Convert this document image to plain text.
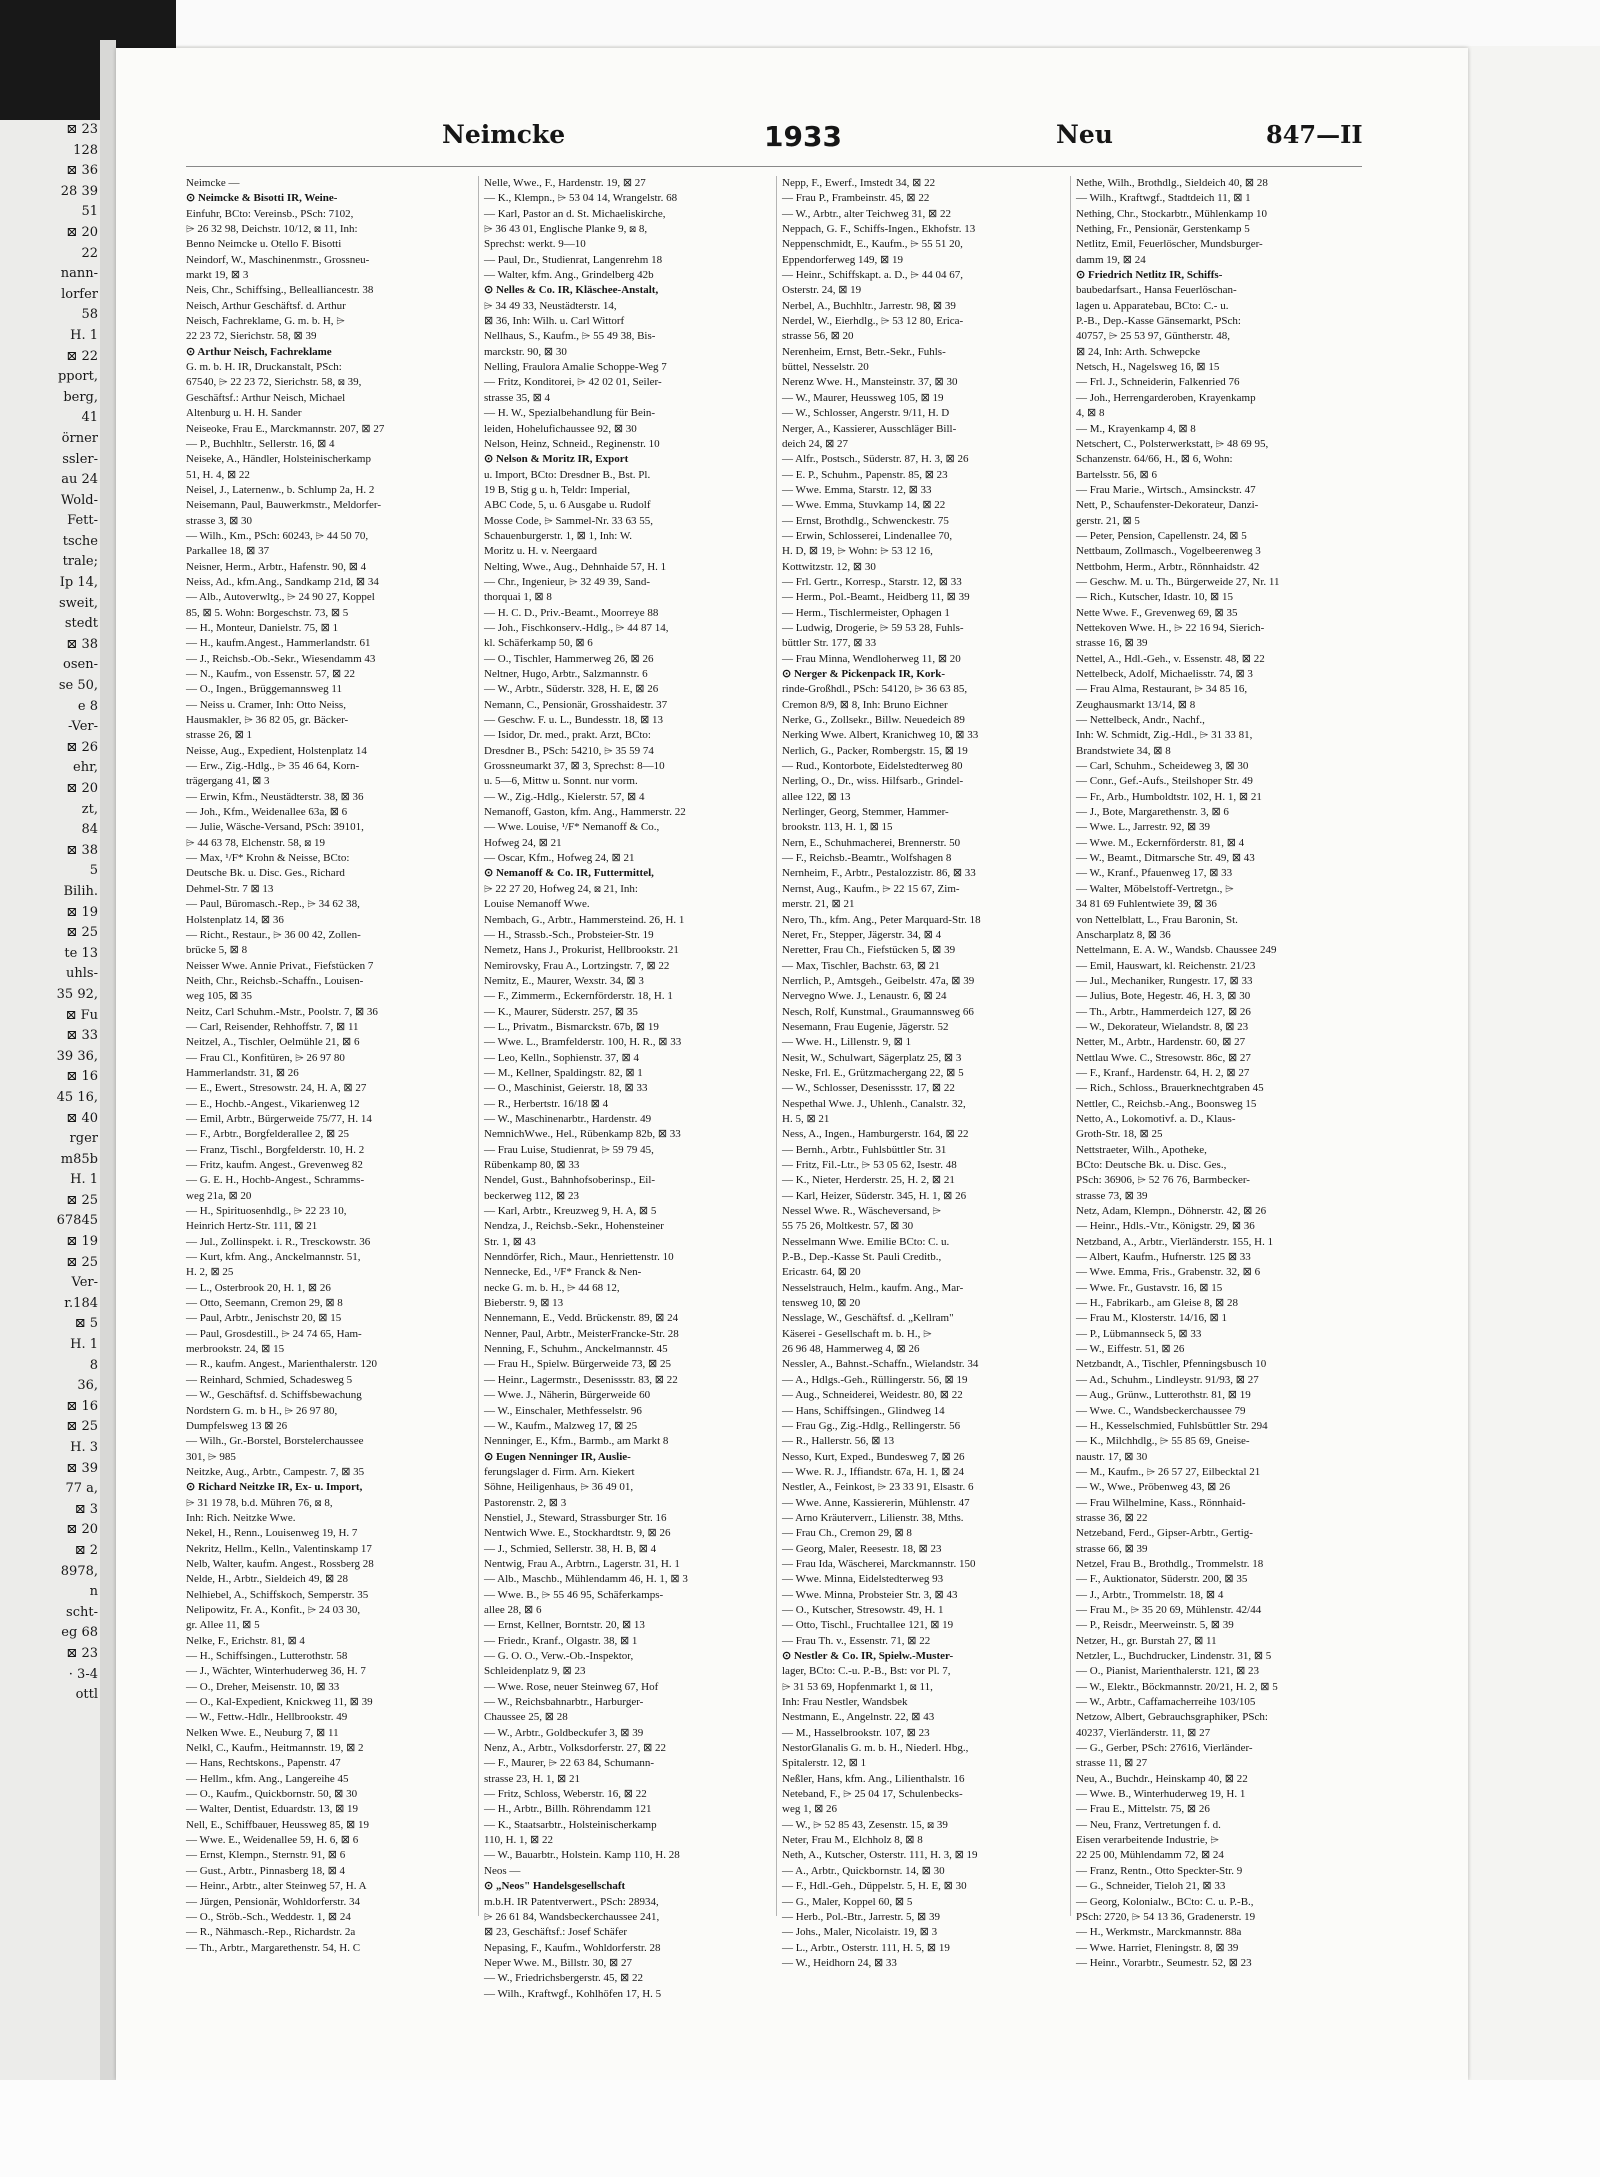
⊠ 23
128
⊠ 36
28 39
51
⊠ 20
22
nann-
lorfer
58
H. 1
⊠ 22
pport,
berg,
41
örner
ssler-
au 24
Wold-
Fett-
tsche
trale;
Ip 14,
sweit,
stedt
⊠ 38
osen-
se 50,
e 8
-Ver-
⊠ 26
ehr,
⊠ 20
zt,
84
⊠ 38
5
Bilih.
⊠ 19
⊠ 25
te 13
uhls-
35 92,
⊠ Fu
⊠ 33
39 36,
⊠ 16
45 16,
⊠ 40
rger
m85b
H. 1
⊠ 25
67845
⊠ 19
⊠ 25
Ver-
r.184
⊠ 5
H. 1
8
36,
⊠ 16
⊠ 25
H. 3
⊠ 39
77 a,
⊠ 3
⊠ 20
⊠ 2
8978,
n
scht-
eg 68
⊠ 23
· 3-4
ottl
Neimcke	1933	Neu	847—II
Neimcke —
⊙ Neimcke & Bisotti IR, Weine-
Einfuhr, BCto: Vereinsb., PSch: 7102,
⌲ 26 32 98, Deichstr. 10/12, ⊠ 11, Inh:
Benno Neimcke u. Otello F. Bisotti
Neindorf, W., Maschinenmstr., Grossneu-
markt 19, ⊠ 3
Neis, Chr., Schiffsing., Bellealliancestr. 38
Neisch, Arthur Geschäftsf. d. Arthur
Neisch, Fachreklame, G. m. b. H, ⌲
22 23 72, Sierichstr. 58, ⊠ 39
⊙ Arthur Neisch, Fachreklame
G. m. b. H. IR, Druckanstalt, PSch:
67540, ⌲ 22 23 72, Sierichstr. 58, ⊠ 39,
Geschäftsf.: Arthur Neisch, Michael
Altenburg u. H. H. Sander
Neiseoke, Frau E., Marckmannstr. 207, ⊠ 27
— P., Buchhltr., Sellerstr. 16, ⊠ 4
Neiseke, A., Händler, Holsteinischerkamp
51, H. 4, ⊠ 22
Neisel, J., Laternenw., b. Schlump 2a, H. 2
Neisemann, Paul, Bauwerkmstr., Meldorfer-
strasse 3, ⊠ 30
— Wilh., Km., PSch: 60243, ⌲ 44 50 70,
Parkallee 18, ⊠ 37
Neisner, Herm., Arbtr., Hafenstr. 90, ⊠ 4
Neiss, Ad., kfm.Ang., Sandkamp 21d, ⊠ 34
— Alb., Autoverwltg., ⌲ 24 90 27, Koppel
85, ⊠ 5. Wohn: Borgeschstr. 73, ⊠ 5
— H., Monteur, Danielstr. 75, ⊠ 1
— H., kaufm.Angest., Hammerlandstr. 61
— J., Reichsb.-Ob.-Sekr., Wiesendamm 43
— N., Kaufm., von Essenstr. 57, ⊠ 22
— O., Ingen., Brüggemannsweg 11
— Neiss u. Cramer, Inh: Otto Neiss,
Hausmakler, ⌲ 36 82 05, gr. Bäcker-
strasse 26, ⊠ 1
Neisse, Aug., Expedient, Holstenplatz 14
— Erw., Zig.-Hdlg., ⌲ 35 46 64, Korn-
trägergang 41, ⊠ 3
— Erwin, Kfm., Neustädterstr. 38, ⊠ 36
— Joh., Kfm., Weidenallee 63a, ⊠ 6
— Julie, Wäsche-Versand, PSch: 39101,
⌲ 44 63 78, Elchenstr. 58, ⊠ 19
— Max, ¹/F* Krohn & Neisse, BCto:
Deutsche Bk. u. Disc. Ges., Richard
Dehmel-Str. 7 ⊠ 13
— Paul, Büromasch.-Rep., ⌲ 34 62 38,
Holstenplatz 14, ⊠ 36
— Richt., Restaur., ⌲ 36 00 42, Zollen-
brücke 5, ⊠ 8
Neisser Wwe. Annie Privat., Fiefstücken 7
Neith, Chr., Reichsb.-Schaffn., Louisen-
weg 105, ⊠ 35
Neitz, Carl Schuhm.-Mstr., Poolstr. 7, ⊠ 36
— Carl, Reisender, Rehhoffstr. 7, ⊠ 11
Neitzel, A., Tischler, Oelmühle 21, ⊠ 6
— Frau Cl., Konfitüren, ⌲ 26 97 80
Hammerlandstr. 31, ⊠ 26
— E., Ewert., Stresowstr. 24, H. A, ⊠ 27
— E., Hochb.-Angest., Vikarienweg 12
— Emil, Arbtr., Bürgerweide 75/77, H. 14
— F., Arbtr., Borgfelderallee 2, ⊠ 25
— Franz, Tischl., Borgfelderstr. 10, H. 2
— Fritz, kaufm. Angest., Grevenweg 82
— G. E. H., Hochb-Angest., Schramms-
weg 21a, ⊠ 20
— H., Spirituosenhdlg., ⌲ 22 23 10,
Heinrich Hertz-Str. 111, ⊠ 21
— Jul., Zollinspekt. i. R., Tresckowstr. 36
— Kurt, kfm. Ang., Anckelmannstr. 51,
H. 2, ⊠ 25
— L., Osterbrook 20, H. 1, ⊠ 26
— Otto, Seemann, Cremon 29, ⊠ 8
— Paul, Arbtr., Jenischstr 20, ⊠ 15
— Paul, Grosdestill., ⌲ 24 74 65, Ham-
merbrookstr. 24, ⊠ 15
— R., kaufm. Angest., Marienthalerstr. 120
— Reinhard, Schmied, Schadesweg 5
— W., Geschäftsf. d. Schiffsbewachung
Nordstern G. m. b H., ⌲ 26 97 80,
Dumpfelsweg 13 ⊠ 26
— Wilh., Gr.-Borstel, Borstelerchaussee
301, ⌲ 985
Neitzke, Aug., Arbtr., Campestr. 7, ⊠ 35
⊙ Richard Neitzke IR, Ex- u. Import,
⌲ 31 19 78, b.d. Mühren 76, ⊠ 8,
Inh: Rich. Neitzke Wwe.
Nekel, H., Renn., Louisenweg 19, H. 7
Nekritz, Hellm., Kelln., Valentinskamp 17
Nelb, Walter, kaufm. Angest., Rossberg 28
Nelde, H., Arbtr., Sieldeich 49, ⊠ 28
Nelhiebel, A., Schiffskoch, Semperstr. 35
Nelipowitz, Fr. A., Konfit., ⌲ 24 03 30,
gr. Allee 11, ⊠ 5
Nelke, F., Erichstr. 81, ⊠ 4
— H., Schiffsingen., Lutterothstr. 58
— J., Wächter, Winterhuderweg 36, H. 7
— O., Dreher, Meisenstr. 10, ⊠ 33
— O., Kal-Expedient, Knickweg 11, ⊠ 39
— W., Fettw.-Hdlr., Hellbrookstr. 49
Nelken Wwe. E., Neuburg 7, ⊠ 11
Nelkl, C., Kaufm., Heitmannstr. 19, ⊠ 2
— Hans, Rechtskons., Papenstr. 47
— Hellm., kfm. Ang., Langereihe 45
— O., Kaufm., Quickbornstr. 50, ⊠ 30
— Walter, Dentist, Eduardstr. 13, ⊠ 19
Nell, E., Schiffbauer, Heussweg 85, ⊠ 19
— Wwe. E., Weidenallee 59, H. 6, ⊠ 6
— Ernst, Klempn., Sternstr. 91, ⊠ 6
— Gust., Arbtr., Pinnasberg 18, ⊠ 4
— Heinr., Arbtr., alter Steinweg 57, H. A
— Jürgen, Pensionär, Wohldorferstr. 34
— O., Ströb.-Sch., Weddestr. 1, ⊠ 24
— R., Nähmasch.-Rep., Richardstr. 2a
— Th., Arbtr., Margarethenstr. 54, H. C
Nelle, Wwe., F., Hardenstr. 19, ⊠ 27
— K., Klempn., ⌲ 53 04 14, Wrangelstr. 68
— Karl, Pastor an d. St. Michaeliskirche,
⌲ 36 43 01, Englische Planke 9, ⊠ 8,
Sprechst: werkt. 9—10
— Paul, Dr., Studienrat, Langenrehm 18
— Walter, kfm. Ang., Grindelberg 42b
⊙ Nelles & Co. IR, Kläschee-Anstalt,
⌲ 34 49 33, Neustädterstr. 14,
⊠ 36, Inh: Wilh. u. Carl Wittorf
Nellhaus, S., Kaufm., ⌲ 55 49 38, Bis-
marckstr. 90, ⊠ 30
Nelling, Fraulora Amalie Schoppe-Weg 7
— Fritz, Konditorei, ⌲ 42 02 01, Seiler-
strasse 35, ⊠ 4
— H. W., Spezialbehandlung für Bein-
leiden, Hohelufichaussee 92, ⊠ 30
Nelson, Heinz, Schneid., Reginenstr. 10
⊙ Nelson & Moritz IR, Export
u. Import, BCto: Dresdner B., Bst. Pl.
19 B, Stig g u. h, Teldr: Imperial,
ABC Code, 5, u. 6 Ausgabe u. Rudolf
Mosse Code, ⌲ Sammel-Nr. 33 63 55,
Schauenburgerstr. 1, ⊠ 1, Inh: W.
Moritz u. H. v. Neergaard
Nelting, Wwe., Aug., Dehnhaide 57, H. 1
— Chr., Ingenieur, ⌲ 32 49 39, Sand-
thorquai 1, ⊠ 8
— H. C. D., Priv.-Beamt., Moorreye 88
— Joh., Fischkonserv.-Hdlg., ⌲ 44 87 14,
kl. Schäferkamp 50, ⊠ 6
— O., Tischler, Hammerweg 26, ⊠ 26
Neltner, Hugo, Arbtr., Salzmannstr. 6
— W., Arbtr., Süderstr. 328, H. E, ⊠ 26
Nemann, C., Pensionär, Grosshaidestr. 37
— Geschw. F. u. L., Bundesstr. 18, ⊠ 13
— Isidor, Dr. med., prakt. Arzt, BCto:
Dresdner B., PSch: 54210, ⌲ 35 59 74
Grossneumarkt 37, ⊠ 3, Sprechst: 8—10
u. 5—6, Mittw u. Sonnt. nur vorm.
— W., Zig.-Hdlg., Kielerstr. 57, ⊠ 4
Nemanoff, Gaston, kfm. Ang., Hammerstr. 22
— Wwe. Louise, ¹/F* Nemanoff & Co.,
Hofweg 24, ⊠ 21
— Oscar, Kfm., Hofweg 24, ⊠ 21
⊙ Nemanoff & Co. IR, Futtermittel,
⌲ 22 27 20, Hofweg 24, ⊠ 21, Inh:
Louise Nemanoff Wwe.
Nembach, G., Arbtr., Hammersteind. 26, H. 1
— H., Strassb.-Sch., Probsteier-Str. 19
Nemetz, Hans J., Prokurist, Hellbrookstr. 21
Nemirovsky, Frau A., Lortzingstr. 7, ⊠ 22
Nemitz, E., Maurer, Wexstr. 34, ⊠ 3
— F., Zimmerm., Eckernförderstr. 18, H. 1
— K., Maurer, Süderstr. 257, ⊠ 35
— L., Privatm., Bismarckstr. 67b, ⊠ 19
— Wwe. L., Bramfelderstr. 100, H. R., ⊠ 33
— Leo, Kelln., Sophienstr. 37, ⊠ 4
— M., Kellner, Spaldingstr. 82, ⊠ 1
— O., Maschinist, Geierstr. 18, ⊠ 33
— R., Herbertstr. 16/18 ⊠ 4
— W., Maschinenarbtr., Hardenstr. 49
NemnichWwe., Hel., Rübenkamp 82b, ⊠ 33
— Frau Luise, Studienrat, ⌲ 59 79 45,
Rübenkamp 80, ⊠ 33
Nendel, Gust., Bahnhofsoberinsp., Eil-
beckerweg 112, ⊠ 23
— Karl, Arbtr., Kreuzweg 9, H. A, ⊠ 5
Nendza, J., Reichsb.-Sekr., Hohensteiner
Str. 1, ⊠ 43
Nenndörfer, Rich., Maur., Henriettenstr. 10
Nennecke, Ed., ¹/F* Franck & Nen-
necke G. m. b. H., ⌲ 44 68 12,
Bieberstr. 9, ⊠ 13
Nennemann, E., Vedd. Brückenstr. 89, ⊠ 24
Nenner, Paul, Arbtr., MeisterFrancke-Str. 28
Nenning, F., Schuhm., Anckelmannstr. 45
— Frau H., Spielw. Bürgerweide 73, ⊠ 25
— Heinr., Lagermstr., Desenissstr. 83, ⊠ 22
— Wwe. J., Näherin, Bürgerweide 60
— W., Einschaler, Methfesselstr. 96
— W., Kaufm., Malzweg 17, ⊠ 25
Nenninger, E., Kfm., Barmb., am Markt 8
⊙ Eugen Nenninger IR, Auslie-
ferungslager d. Firm. Arn. Kiekert
Söhne, Heiligenhaus, ⌲ 36 49 01,
Pastorenstr. 2, ⊠ 3
Nenstiel, J., Steward, Strassburger Str. 16
Nentwich Wwe. E., Stockhardtstr. 9, ⊠ 26
— J., Schmied, Sellerstr. 38, H. B, ⊠ 4
Nentwig, Frau A., Arbtrn., Lagerstr. 31, H. 1
— Alb., Maschb., Mühlendamm 46, H. 1, ⊠ 3
— Wwe. B., ⌲ 55 46 95, Schäferkamps-
allee 28, ⊠ 6
— Ernst, Kellner, Borntstr. 20, ⊠ 13
— Friedr., Kranf., Olgastr. 38, ⊠ 1
— G. O. O., Verw.-Ob.-Inspektor,
Schleidenplatz 9, ⊠ 23
— Wwe. Rose, neuer Steinweg 67, Hof
— W., Reichsbahnarbtr., Harburger-
Chaussee 25, ⊠ 28
— W., Arbtr., Goldbeckufer 3, ⊠ 39
Nenz, A., Arbtr., Volksdorferstr. 27, ⊠ 22
— F., Maurer, ⌲ 22 63 84, Schumann-
strasse 23, H. 1, ⊠ 21
— Fritz, Schloss, Weberstr. 16, ⊠ 22
— H., Arbtr., Billh. Röhrendamm 121
— K., Staatsarbtr., Holsteinischerkamp
110, H. 1, ⊠ 22
— W., Bauarbtr., Holstein. Kamp 110, H. 28
Neos —
⊙ „Neos" Handelsgesellschaft
m.b.H. IR Patentverwert., PSch: 28934,
⌲ 26 61 84, Wandsbeckerchaussee 241,
⊠ 23, Geschäftsf.: Josef Schäfer
Nepasing, F., Kaufm., Wohldorferstr. 28
Neper Wwe. M., Billstr. 30, ⊠ 27
— W., Friedrichsbergerstr. 45, ⊠ 22
— Wilh., Kraftwgf., Kohlhöfen 17, H. 5
Nepp, F., Ewerf., Imstedt 34, ⊠ 22
— Frau P., Frambeinstr. 45, ⊠ 22
— W., Arbtr., alter Teichweg 31, ⊠ 22
Neppach, G. F., Schiffs-Ingen., Ekhofstr. 13
Neppenschmidt, E., Kaufm., ⌲ 55 51 20,
Eppendorferweg 149, ⊠ 19
— Heinr., Schiffskapt. a. D., ⌲ 44 04 67,
Osterstr. 24, ⊠ 19
Nerbel, A., Buchhltr., Jarrestr. 98, ⊠ 39
Nerdel, W., Eierhdlg., ⌲ 53 12 80, Erica-
strasse 56, ⊠ 20
Nerenheim, Ernst, Betr.-Sekr., Fuhls-
büttel, Nesselstr. 20
Nerenz Wwe. H., Mansteinstr. 37, ⊠ 30
— W., Maurer, Heussweg 105, ⊠ 19
— W., Schlosser, Angerstr. 9/11, H. D
Nerger, A., Kassierer, Ausschläger Bill-
deich 24, ⊠ 27
— Alfr., Postsch., Süderstr. 87, H. 3, ⊠ 26
— E. P., Schuhm., Papenstr. 85, ⊠ 23
— Wwe. Emma, Starstr. 12, ⊠ 33
— Wwe. Emma, Stuvkamp 14, ⊠ 22
— Ernst, Brothdlg., Schwenckestr. 75
— Erwin, Schlosserei, Lindenallee 70,
H. D, ⊠ 19, ⌲ Wohn: ⌲ 53 12 16,
Kottwitzstr. 12, ⊠ 30
— Frl. Gertr., Korresp., Starstr. 12, ⊠ 33
— Herm., Pol.-Beamt., Heidberg 11, ⊠ 39
— Herm., Tischlermeister, Ophagen 1
— Ludwig, Drogerie, ⌲ 59 53 28, Fuhls-
büttler Str. 177, ⊠ 33
— Frau Minna, Wendloherweg 11, ⊠ 20
⊙ Nerger & Pickenpack IR, Kork-
rinde-Großhdl., PSch: 54120, ⌲ 36 63 85,
Cremon 8/9, ⊠ 8, Inh: Bruno Eichner
Nerke, G., Zollsekr., Billw. Neuedeich 89
Nerking Wwe. Albert, Kranichweg 10, ⊠ 33
Nerlich, G., Packer, Rombergstr. 15, ⊠ 19
— Rud., Kontorbote, Eidelstedterweg 80
Nerling, O., Dr., wiss. Hilfsarb., Grindel-
allee 122, ⊠ 13
Nerlinger, Georg, Stemmer, Hammer-
brookstr. 113, H. 1, ⊠ 15
Nern, E., Schuhmacherei, Brennerstr. 50
— F., Reichsb.-Beamtr., Wolfshagen 8
Nernheim, F., Arbtr., Pestalozzistr. 86, ⊠ 33
Nernst, Aug., Kaufm., ⌲ 22 15 67, Zim-
merstr. 21, ⊠ 21
Nero, Th., kfm. Ang., Peter Marquard-Str. 18
Neret, Fr., Stepper, Jägerstr. 34, ⊠ 4
Neretter, Frau Ch., Fiefstücken 5, ⊠ 39
— Max, Tischler, Bachstr. 63, ⊠ 21
Nerrlich, P., Amtsgeh., Geibelstr. 47a, ⊠ 39
Nervegno Wwe. J., Lenaustr. 6, ⊠ 24
Nesch, Rolf, Kunstmal., Graumannsweg 66
Nesemann, Frau Eugenie, Jägerstr. 52
— Wwe. H., Lillenstr. 9, ⊠ 1
Nesit, W., Schulwart, Sägerplatz 25, ⊠ 3
Neske, Frl. E., Grützmachergang 22, ⊠ 5
— W., Schlosser, Desenissstr. 17, ⊠ 22
Nespethal Wwe. J., Uhlenh., Canalstr. 32,
H. 5, ⊠ 21
Ness, A., Ingen., Hamburgerstr. 164, ⊠ 22
— Bernh., Arbtr., Fuhlsbüttler Str. 31
— Fritz, Fil.-Ltr., ⌲ 53 05 62, Isestr. 48
— K., Nieter, Herderstr. 25, H. 2, ⊠ 21
— Karl, Heizer, Süderstr. 345, H. 1, ⊠ 26
Nessel Wwe. R., Wäscheversand, ⌲
55 75 26, Moltkestr. 57, ⊠ 30
Nesselmann Wwe. Emilie BCto: C. u.
P.-B., Dep.-Kasse St. Pauli Creditb.,
Ericastr. 64, ⊠ 20
Nesselstrauch, Helm., kaufm. Ang., Mar-
tensweg 10, ⊠ 20
Nesslage, W., Geschäftsf. d. „Kellram"
Käserei - Gesellschaft m. b. H., ⌲
26 96 48, Hammerweg 4, ⊠ 26
Nessler, A., Bahnst.-Schaffn., Wielandstr. 34
— A., Hdlgs.-Geh., Rüllingerstr. 56, ⊠ 19
— Aug., Schneiderei, Weidestr. 80, ⊠ 22
— Hans, Schiffsingen., Glindweg 14
— Frau Gg., Zig.-Hdlg., Rellingerstr. 56
— R., Hallerstr. 56, ⊠ 13
Nesso, Kurt, Exped., Bundesweg 7, ⊠ 26
— Wwe. R. J., Iffiandstr. 67a, H. 1, ⊠ 24
Nestler, A., Feinkost, ⌲ 23 33 91, Elsastr. 6
— Wwe. Anne, Kassiererin, Mühlenstr. 47
— Arno Kräuterverr., Lilienstr. 38, Mths.
— Frau Ch., Cremon 29, ⊠ 8
— Georg, Maler, Reesestr. 18, ⊠ 23
— Frau Ida, Wäscherei, Marckmannstr. 150
— Wwe. Minna, Eidelstedterweg 93
— Wwe. Minna, Probsteier Str. 3, ⊠ 43
— O., Kutscher, Stresowstr. 49, H. 1
— Otto, Tischl., Fruchtallee 121, ⊠ 19
— Frau Th. v., Essenstr. 71, ⊠ 22
⊙ Nestler & Co. IR, Spielw.-Muster-
lager, BCto: C.-u. P.-B., Bst: vor Pl. 7,
⌲ 31 53 69, Hopfenmarkt 1, ⊠ 11,
Inh: Frau Nestler, Wandsbek
Nestmann, E., Angelnstr. 22, ⊠ 43
— M., Hasselbrookstr. 107, ⊠ 23
NestorGlanalis G. m. b. H., Niederl. Hbg.,
Spitalerstr. 12, ⊠ 1
Neßler, Hans, kfm. Ang., Lilienthalstr. 16
Neteband, F., ⌲ 25 04 17, Schulenbecks-
weg 1, ⊠ 26
— W., ⌲ 52 85 43, Zesenstr. 15, ⊠ 39
Neter, Frau M., Elchholz 8, ⊠ 8
Neth, A., Kutscher, Osterstr. 111, H. 3, ⊠ 19
— A., Arbtr., Quickbornstr. 14, ⊠ 30
— F., Hdl.-Geh., Düppelstr. 5, H. E, ⊠ 30
— G., Maler, Koppel 60, ⊠ 5
— Herb., Pol.-Btr., Jarrestr. 5, ⊠ 39
— Johs., Maler, Nicolaistr. 19, ⊠ 3
— L., Arbtr., Osterstr. 111, H. 5, ⊠ 19
— W., Heidhorn 24, ⊠ 33
Nethe, Wilh., Brothdlg., Sieldeich 40, ⊠ 28
— Wilh., Kraftwgf., Stadtdeich 11, ⊠ 1
Nething, Chr., Stockarbtr., Mühlenkamp 10
Nething, Fr., Pensionär, Gerstenkamp 5
Netlitz, Emil, Feuerlöscher, Mundsburger-
damm 19, ⊠ 24
⊙ Friedrich Netlitz IR, Schiffs-
baubedarfsart., Hansa Feuerlöschan-
lagen u. Apparatebau, BCto: C.- u.
P.-B., Dep.-Kasse Gänsemarkt, PSch:
40757, ⌲ 25 53 97, Güntherstr. 48,
⊠ 24, Inh: Arth. Schwepcke
Netsch, H., Nagelsweg 16, ⊠ 15
— Frl. J., Schneiderin, Falkenried 76
— Joh., Herrengarderoben, Krayenkamp
4, ⊠ 8
— M., Krayenkamp 4, ⊠ 8
Netschert, C., Polsterwerkstatt, ⌲ 48 69 95,
Schanzenstr. 64/66, H., ⊠ 6, Wohn:
Bartelsstr. 56, ⊠ 6
— Frau Marie., Wirtsch., Amsinckstr. 47
Nett, P., Schaufenster-Dekorateur, Danzi-
gerstr. 21, ⊠ 5
— Peter, Pension, Capellenstr. 24, ⊠ 5
Nettbaum, Zollmasch., Vogelbeerenweg 3
Nettbohm, Herm., Arbtr., Rönnhaidstr. 42
— Geschw. M. u. Th., Bürgerweide 27, Nr. 11
— Rich., Kutscher, Idastr. 10, ⊠ 15
Nette Wwe. F., Grevenweg 69, ⊠ 35
Nettekoven Wwe. H., ⌲ 22 16 94, Sierich-
strasse 16, ⊠ 39
Nettel, A., Hdl.-Geh., v. Essenstr. 48, ⊠ 22
Nettelbeck, Adolf, Michaelisstr. 74, ⊠ 3
— Frau Alma, Restaurant, ⌲ 34 85 16,
Zeughausmarkt 13/14, ⊠ 8
— Nettelbeck, Andr., Nachf.,
Inh: W. Schmidt, Zig.-Hdl., ⌲ 31 33 81,
Brandstwiete 34, ⊠ 8
— Carl, Schuhm., Scheideweg 3, ⊠ 30
— Conr., Gef.-Aufs., Steilshoper Str. 49
— Fr., Arb., Humboldtstr. 102, H. 1, ⊠ 21
— J., Bote, Margarethenstr. 3, ⊠ 6
— Wwe. L., Jarrestr. 92, ⊠ 39
— Wwe. M., Eckernförderstr. 81, ⊠ 4
— W., Beamt., Ditmarsche Str. 49, ⊠ 43
— W., Kranf., Pfauenweg 17, ⊠ 33
— Walter, Möbelstoff-Vertretgn., ⌲
34 81 69 Fuhlentwiete 39, ⊠ 36
von Nettelblatt, L., Frau Baronin, St.
Anscharplatz 8, ⊠ 36
Nettelmann, E. A. W., Wandsb. Chaussee 249
— Emil, Hauswart, kl. Reichenstr. 21/23
— Jul., Mechaniker, Rungestr. 17, ⊠ 33
— Julius, Bote, Hegestr. 46, H. 3, ⊠ 30
— Th., Arbtr., Hammerdeich 127, ⊠ 26
— W., Dekorateur, Wielandstr. 8, ⊠ 23
Netter, M., Arbtr., Hardenstr. 60, ⊠ 27
Nettlau Wwe. C., Stresowstr. 86c, ⊠ 27
— F., Kranf., Hardenstr. 64, H. 2, ⊠ 27
— Rich., Schloss., Brauerknechtgraben 45
Nettler, C., Reichsb.-Ang., Boonsweg 15
Netto, A., Lokomotivf. a. D., Klaus-
Groth-Str. 18, ⊠ 25
Nettstraeter, Wilh., Apotheke,
BCto: Deutsche Bk. u. Disc. Ges.,
PSch: 36906, ⌲ 52 76 76, Barmbecker-
strasse 73, ⊠ 39
Netz, Adam, Klempn., Döhnerstr. 42, ⊠ 26
— Heinr., Hdls.-Vtr., Königstr. 29, ⊠ 36
Netzband, A., Arbtr., Vierländerstr. 155, H. 1
— Albert, Kaufm., Hufnerstr. 125 ⊠ 33
— Wwe. Emma, Fris., Grabenstr. 32, ⊠ 6
— Wwe. Fr., Gustavstr. 16, ⊠ 15
— H., Fabrikarb., am Gleise 8, ⊠ 28
— Frau M., Klosterstr. 14/16, ⊠ 1
— P., Lübmannseck 5, ⊠ 33
— W., Eiffestr. 51, ⊠ 26
Netzbandt, A., Tischler, Pfenningsbusch 10
— Ad., Schuhm., Lindleystr. 91/93, ⊠ 27
— Aug., Grünw., Lutterothstr. 81, ⊠ 19
— Wwe. C., Wandsbeckerchaussee 79
— H., Kesselschmied, Fuhlsbüttler Str. 294
— K., Milchhdlg., ⌲ 55 85 69, Gneise-
naustr. 17, ⊠ 30
— M., Kaufm., ⌲ 26 57 27, Eilbecktal 21
— W., Wwe., Pröbenweg 43, ⊠ 26
— Frau Wilhelmine, Kass., Rönnhaid-
strasse 36, ⊠ 22
Netzeband, Ferd., Gipser-Arbtr., Gertig-
strasse 66, ⊠ 39
Netzel, Frau B., Brothdlg., Trommelstr. 18
— F., Auktionator, Süderstr. 200, ⊠ 35
— J., Arbtr., Trommelstr. 18, ⊠ 4
— Frau M., ⌲ 35 20 69, Mühlenstr. 42/44
— P., Reisdr., Meerweinstr. 5, ⊠ 39
Netzer, H., gr. Burstah 27, ⊠ 11
Netzler, L., Buchdrucker, Lindenstr. 31, ⊠ 5
— O., Pianist, Marienthalerstr. 121, ⊠ 23
— W., Elektr., Böckmannstr. 20/21, H. 2, ⊠ 5
— W., Arbtr., Caffamacherreihe 103/105
Netzow, Albert, Gebrauchsgraphiker, PSch:
40237, Vierländerstr. 11, ⊠ 27
— G., Gerber, PSch: 27616, Vierländer-
strasse 11, ⊠ 27
Neu, A., Buchdr., Heinskamp 40, ⊠ 22
— Wwe. B., Winterhuderweg 19, H. 1
— Frau E., Mittelstr. 75, ⊠ 26
— Neu, Franz, Vertretungen f. d.
Eisen verarbeitende Industrie, ⌲
22 25 00, Mühlendamm 72, ⊠ 24
— Franz, Rentn., Otto Speckter-Str. 9
— G., Schneider, Tieloh 21, ⊠ 33
— Georg, Kolonialw., BCto: C. u. P.-B.,
PSch: 2720, ⌲ 54 13 36, Gradenerstr. 19
— H., Werkmstr., Marckmannstr. 88a
— Wwe. Harriet, Fleningstr. 8, ⊠ 39
— Heinr., Vorarbtr., Seumestr. 52, ⊠ 23
